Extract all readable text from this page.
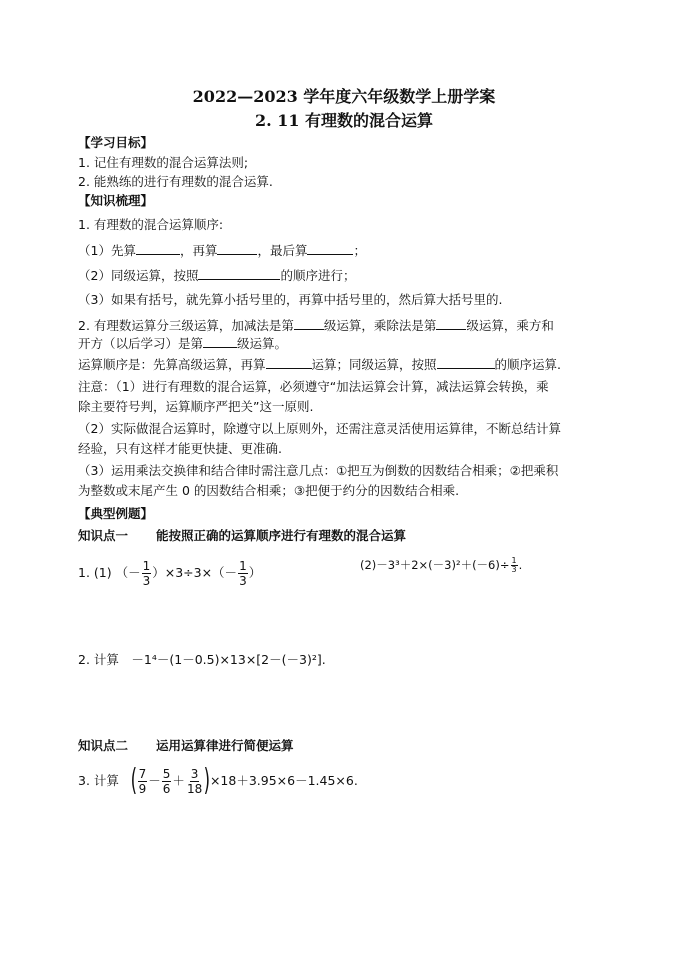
2022—2023 学年度六年级数学上册学案
2. 11 有理数的混合运算
【学习目标】
1. 记住有理数的混合运算法则;
2. 能熟练的进行有理数的混合运算.
【知识梳理】
1. 有理数的混合运算顺序:
（1）先算	，再算	，最后算	；
（2）同级运算，按照	的顺序进行；
（3）如果有括号，就先算小括号里的，再算中括号里的，然后算大括号里的.
2. 有理数运算分三级运算，加减法是第 级运算，乘除法是第 级运算，乘方和
开方（以后学习）是第	级运算。
运算顺序是：先算高级运算，再算	运算；同级运算，按照	的顺序运算.
注意：（1）进行有理数的混合运算，必须遵守“加法运算会计算，减法运算会转换，乘
除主要符号判，运算顺序严把关”这一原则.
（2）实际做混合运算时，除遵守以上原则外，还需注意灵活使用运算律，不断总结计算
经验，只有这样才能更快捷、更准确.
（3）运用乘法交换律和结合律时需注意几点：①把互为倒数的因数结合相乘；②把乘积
为整数或末尾产生 0 的因数结合相乘；③把便于约分的因数结合相乘.
【典型例题】
知识点一 能按照正确的运算顺序进行有理数的混合运算
1. (1) （－ $\frac{1}{3} )\times 3\div 3\times(- \frac{1}{3}$ ）	$(2)-3^3+2\times(-3)^2+(-6)\div \frac{1}{3}$ .
2. 计算　－1⁴－(1－0.5)×13×[2－(－3)²].
知识点二 运用运算律进行简便运算
3. 计算 ( $\frac{7}{9} - \frac{5}{6} + \frac{3}{18}$ ) ×18＋3.95×6－1.45×6.
